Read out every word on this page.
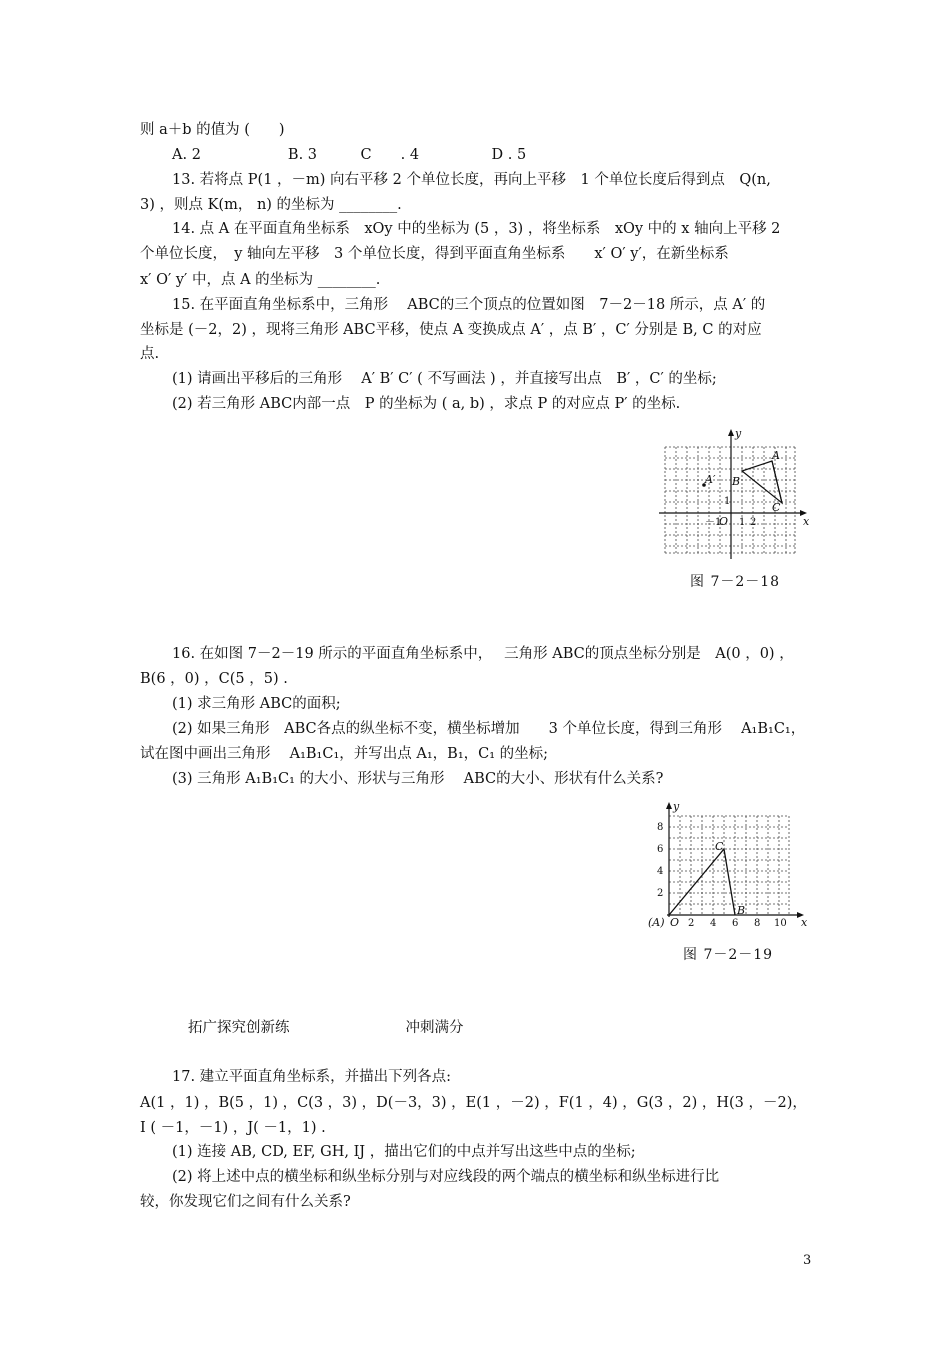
则 a＋b 的值为 (　　)
A. 2　　　　　　B. 3　　　C　　. 4　　　　　D . 5
13. 若将点 P(1 ，－m) 向右平移 2 个单位长度，再向上平移　1 个单位长度后得到点　Q(n,
3) ，则点 K(m， n) 的坐标为 ________.
14. 点 A 在平面直角坐标系　xOy 中的坐标为 (5 ，3) ，将坐标系　xOy 中的 x 轴向上平移 2
个单位长度，　y 轴向左平移　3 个单位长度，得到平面直角坐标系　　x′ O′ y′，在新坐标系
x′ O′ y′ 中，点 A 的坐标为 ________.
15. 在平面直角坐标系中，三角形　 ABC的三个顶点的位置如图　7－2－18 所示，点 A′ 的
坐标是 (－2，2) ，现将三角形 ABC平移，使点 A 变换成点 A′ ，点 B′ ，C′ 分别是 B, C 的对应
点.
(1) 请画出平移后的三角形　 A′ B′ C′ ( 不写画法 ) ，并直接写出点　B′ ，C′ 的坐标;
(2) 若三角形 ABC内部一点　P 的坐标为 ( a, b) ，求点 P 的对应点 P′ 的坐标.
y
x
O
A
B
C
A′
－1 1 2
1
图 7－2－18
16. 在如图 7－2－19 所示的平面直角坐标系中，　 三角形 ABC的顶点坐标分别是　A(0 ，0) ，
B(6 ，0) ，C(5 ，5) .
(1) 求三角形 ABC的面积;
(2) 如果三角形　ABC各点的纵坐标不变，横坐标增加　　3 个单位长度，得到三角形　 A₁B₁C₁，
试在图中画出三角形　 A₁B₁C₁，并写出点 A₁，B₁，C₁ 的坐标;
(3) 三角形 A₁B₁C₁ 的大小、形状与三角形　 ABC的大小、形状有什么关系?
y
x
O
(A)
C
B
2 4 6 8 10
2
4
6
8
图 7－2－19
拓广探究创新练　　　　　　　　冲刺满分
17. 建立平面直角坐标系，并描出下列各点:
A(1 ，1) ，B(5 ，1) ，C(3 ，3) ，D(－3，3) ，E(1 ，－2) ，F(1 ，4) ，G(3 ，2) ，H(3 ，－2)，
I ( －1，－1) ，J( －1，1) .
(1) 连接 AB, CD, EF, GH, IJ ，描出它们的中点并写出这些中点的坐标;
(2) 将上述中点的横坐标和纵坐标分别与对应线段的两个端点的横坐标和纵坐标进行比
较，你发现它们之间有什么关系?
3
